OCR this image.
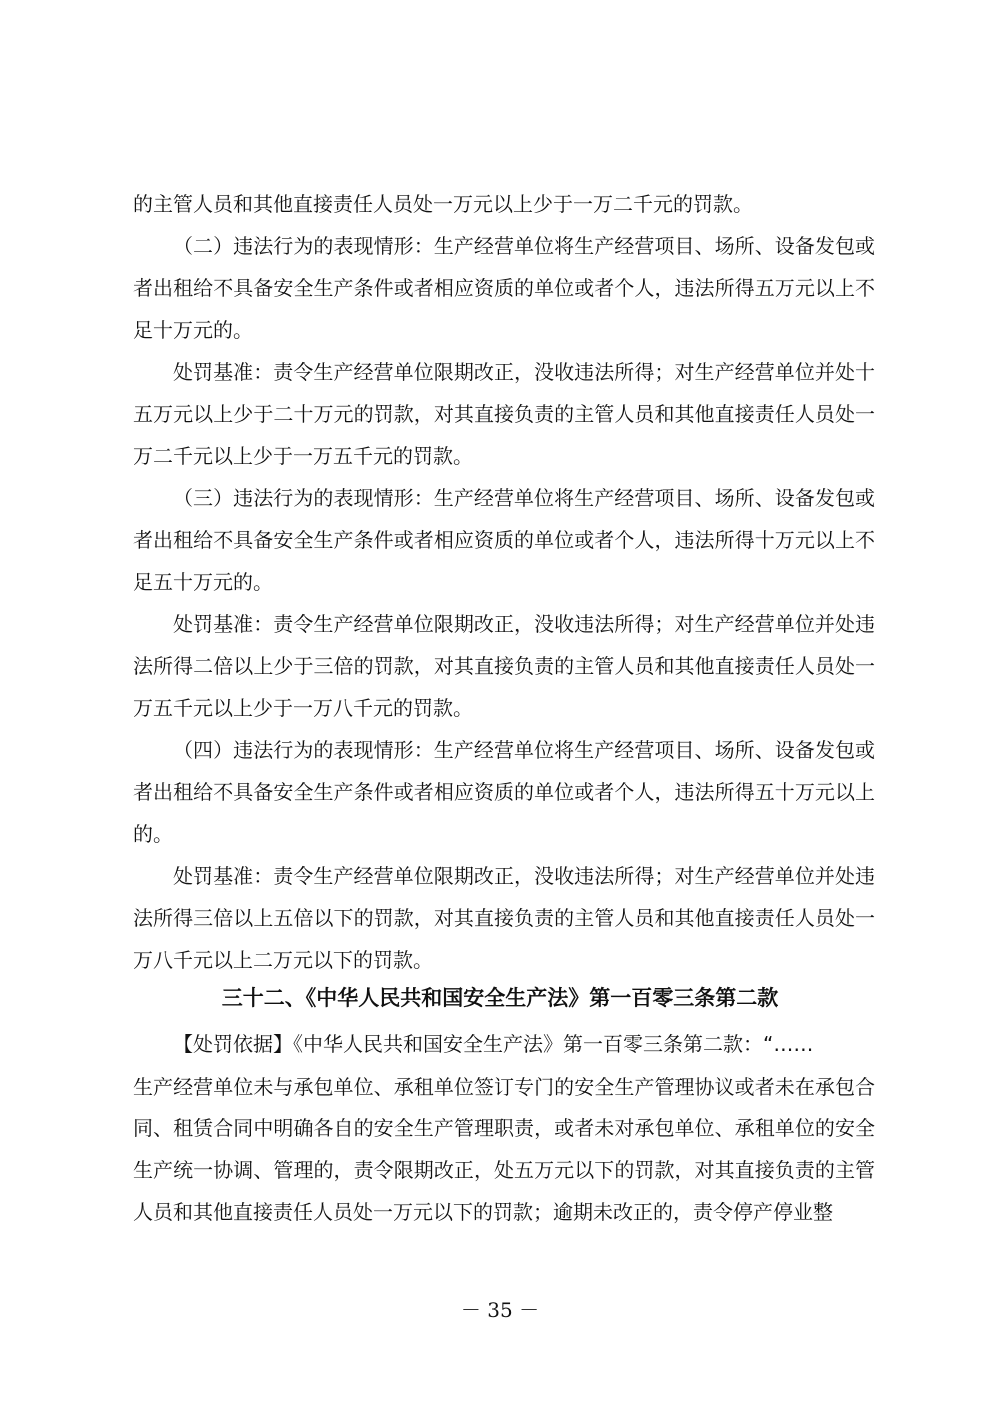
的主管人员和其他直接责任人员处一万元以上少于一万二千元的罚款。
（二）违法行为的表现情形：生产经营单位将生产经营项目、场所、设备发包或
者出租给不具备安全生产条件或者相应资质的单位或者个人，违法所得五万元以上不
足十万元的。
处罚基准：责令生产经营单位限期改正，没收违法所得；对生产经营单位并处十
五万元以上少于二十万元的罚款，对其直接负责的主管人员和其他直接责任人员处一
万二千元以上少于一万五千元的罚款。
（三）违法行为的表现情形：生产经营单位将生产经营项目、场所、设备发包或
者出租给不具备安全生产条件或者相应资质的单位或者个人，违法所得十万元以上不
足五十万元的。
处罚基准：责令生产经营单位限期改正，没收违法所得；对生产经营单位并处违
法所得二倍以上少于三倍的罚款，对其直接负责的主管人员和其他直接责任人员处一
万五千元以上少于一万八千元的罚款。
（四）违法行为的表现情形：生产经营单位将生产经营项目、场所、设备发包或
者出租给不具备安全生产条件或者相应资质的单位或者个人，违法所得五十万元以上
的。
处罚基准：责令生产经营单位限期改正，没收违法所得；对生产经营单位并处违
法所得三倍以上五倍以下的罚款，对其直接负责的主管人员和其他直接责任人员处一
万八千元以上二万元以下的罚款。
三十二、《中华人民共和国安全生产法》第一百零三条第二款
【处罚依据】《中华人民共和国安全生产法》第一百零三条第二款：“……
生产经营单位未与承包单位、承租单位签订专门的安全生产管理协议或者未在承包合
同、租赁合同中明确各自的安全生产管理职责，或者未对承包单位、承租单位的安全
生产统一协调、管理的，责令限期改正，处五万元以下的罚款，对其直接负责的主管
人员和其他直接责任人员处一万元以下的罚款；逾期未改正的，责令停产停业整
－ 35 －
